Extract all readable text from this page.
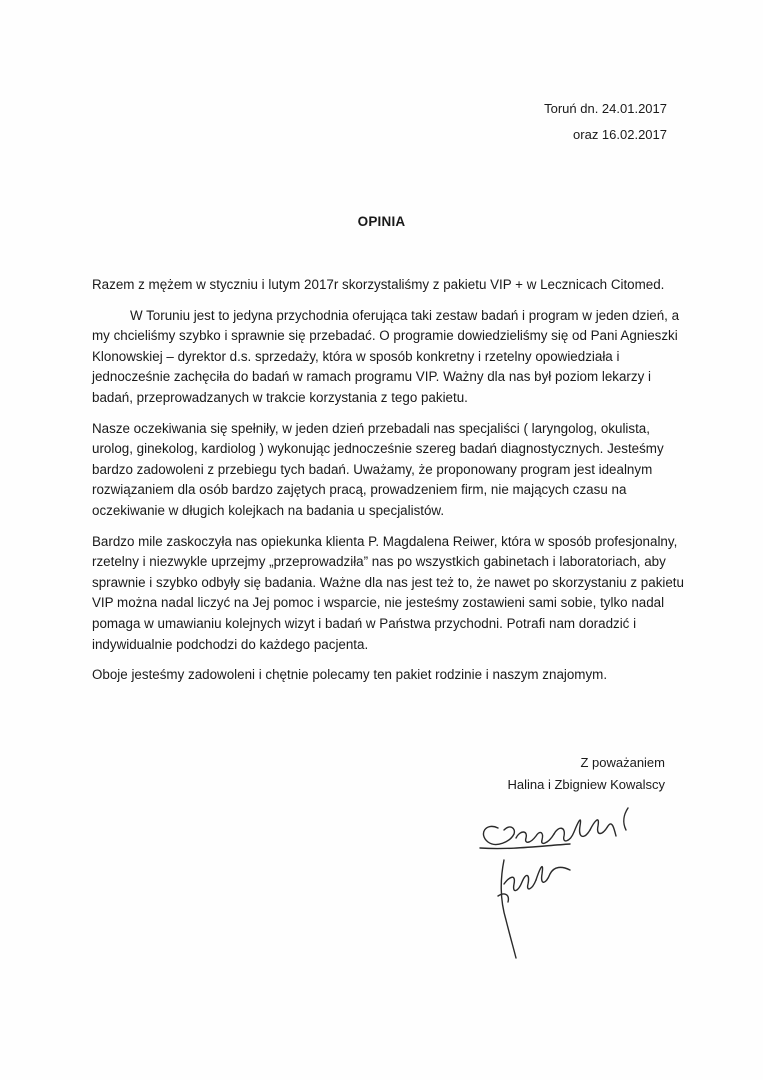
Toruń dn. 24.01.2017
oraz 16.02.2017
OPINIA

Razem z mężem w styczniu i lutym 2017r skorzystaliśmy z pakietu VIP + w Lecznicach Citomed.

W Toruniu jest to jedyna przychodnia oferująca taki zestaw badań i program w jeden dzień, a my chcieliśmy szybko i sprawnie się przebadać. O programie dowiedzieliśmy się od Pani Agnieszki Klonowskiej – dyrektor d.s. sprzedaży, która w sposób konkretny i rzetelny opowiedziała i jednocześnie zachęciła do badań w ramach programu VIP. Ważny dla nas był poziom lekarzy i badań, przeprowadzanych w trakcie korzystania z tego pakietu.

Nasze oczekiwania się spełniły, w jeden dzień przebadali nas specjaliści ( laryngolog, okulista, urolog, ginekolog, kardiolog ) wykonując jednocześnie szereg badań diagnostycznych. Jesteśmy bardzo zadowoleni z przebiegu tych badań. Uważamy, że proponowany program jest idealnym rozwiązaniem dla osób bardzo zajętych pracą, prowadzeniem firm, nie mających czasu na oczekiwanie w długich kolejkach na badania u specjalistów.

Bardzo mile zaskoczyła nas opiekunka klienta P. Magdalena Reiwer, która w sposób profesjonalny, rzetelny i niezwykle uprzejmy „przeprowadziła” nas po wszystkich gabinetach i laboratoriach, aby sprawnie i szybko odbyły się badania. Ważne dla nas jest też to, że nawet po skorzystaniu z pakietu VIP można nadal liczyć na Jej pomoc i wsparcie, nie jesteśmy zostawieni sami sobie, tylko nadal pomaga w umawianiu kolejnych wizyt i badań w Państwa przychodni. Potrafi nam doradzić i indywidualnie podchodzi do każdego pacjenta.

Oboje jesteśmy zadowoleni i chętnie polecamy ten pakiet rodzinie i naszym znajomym.

Z poważaniem
Halina i Zbigniew Kowalscy
